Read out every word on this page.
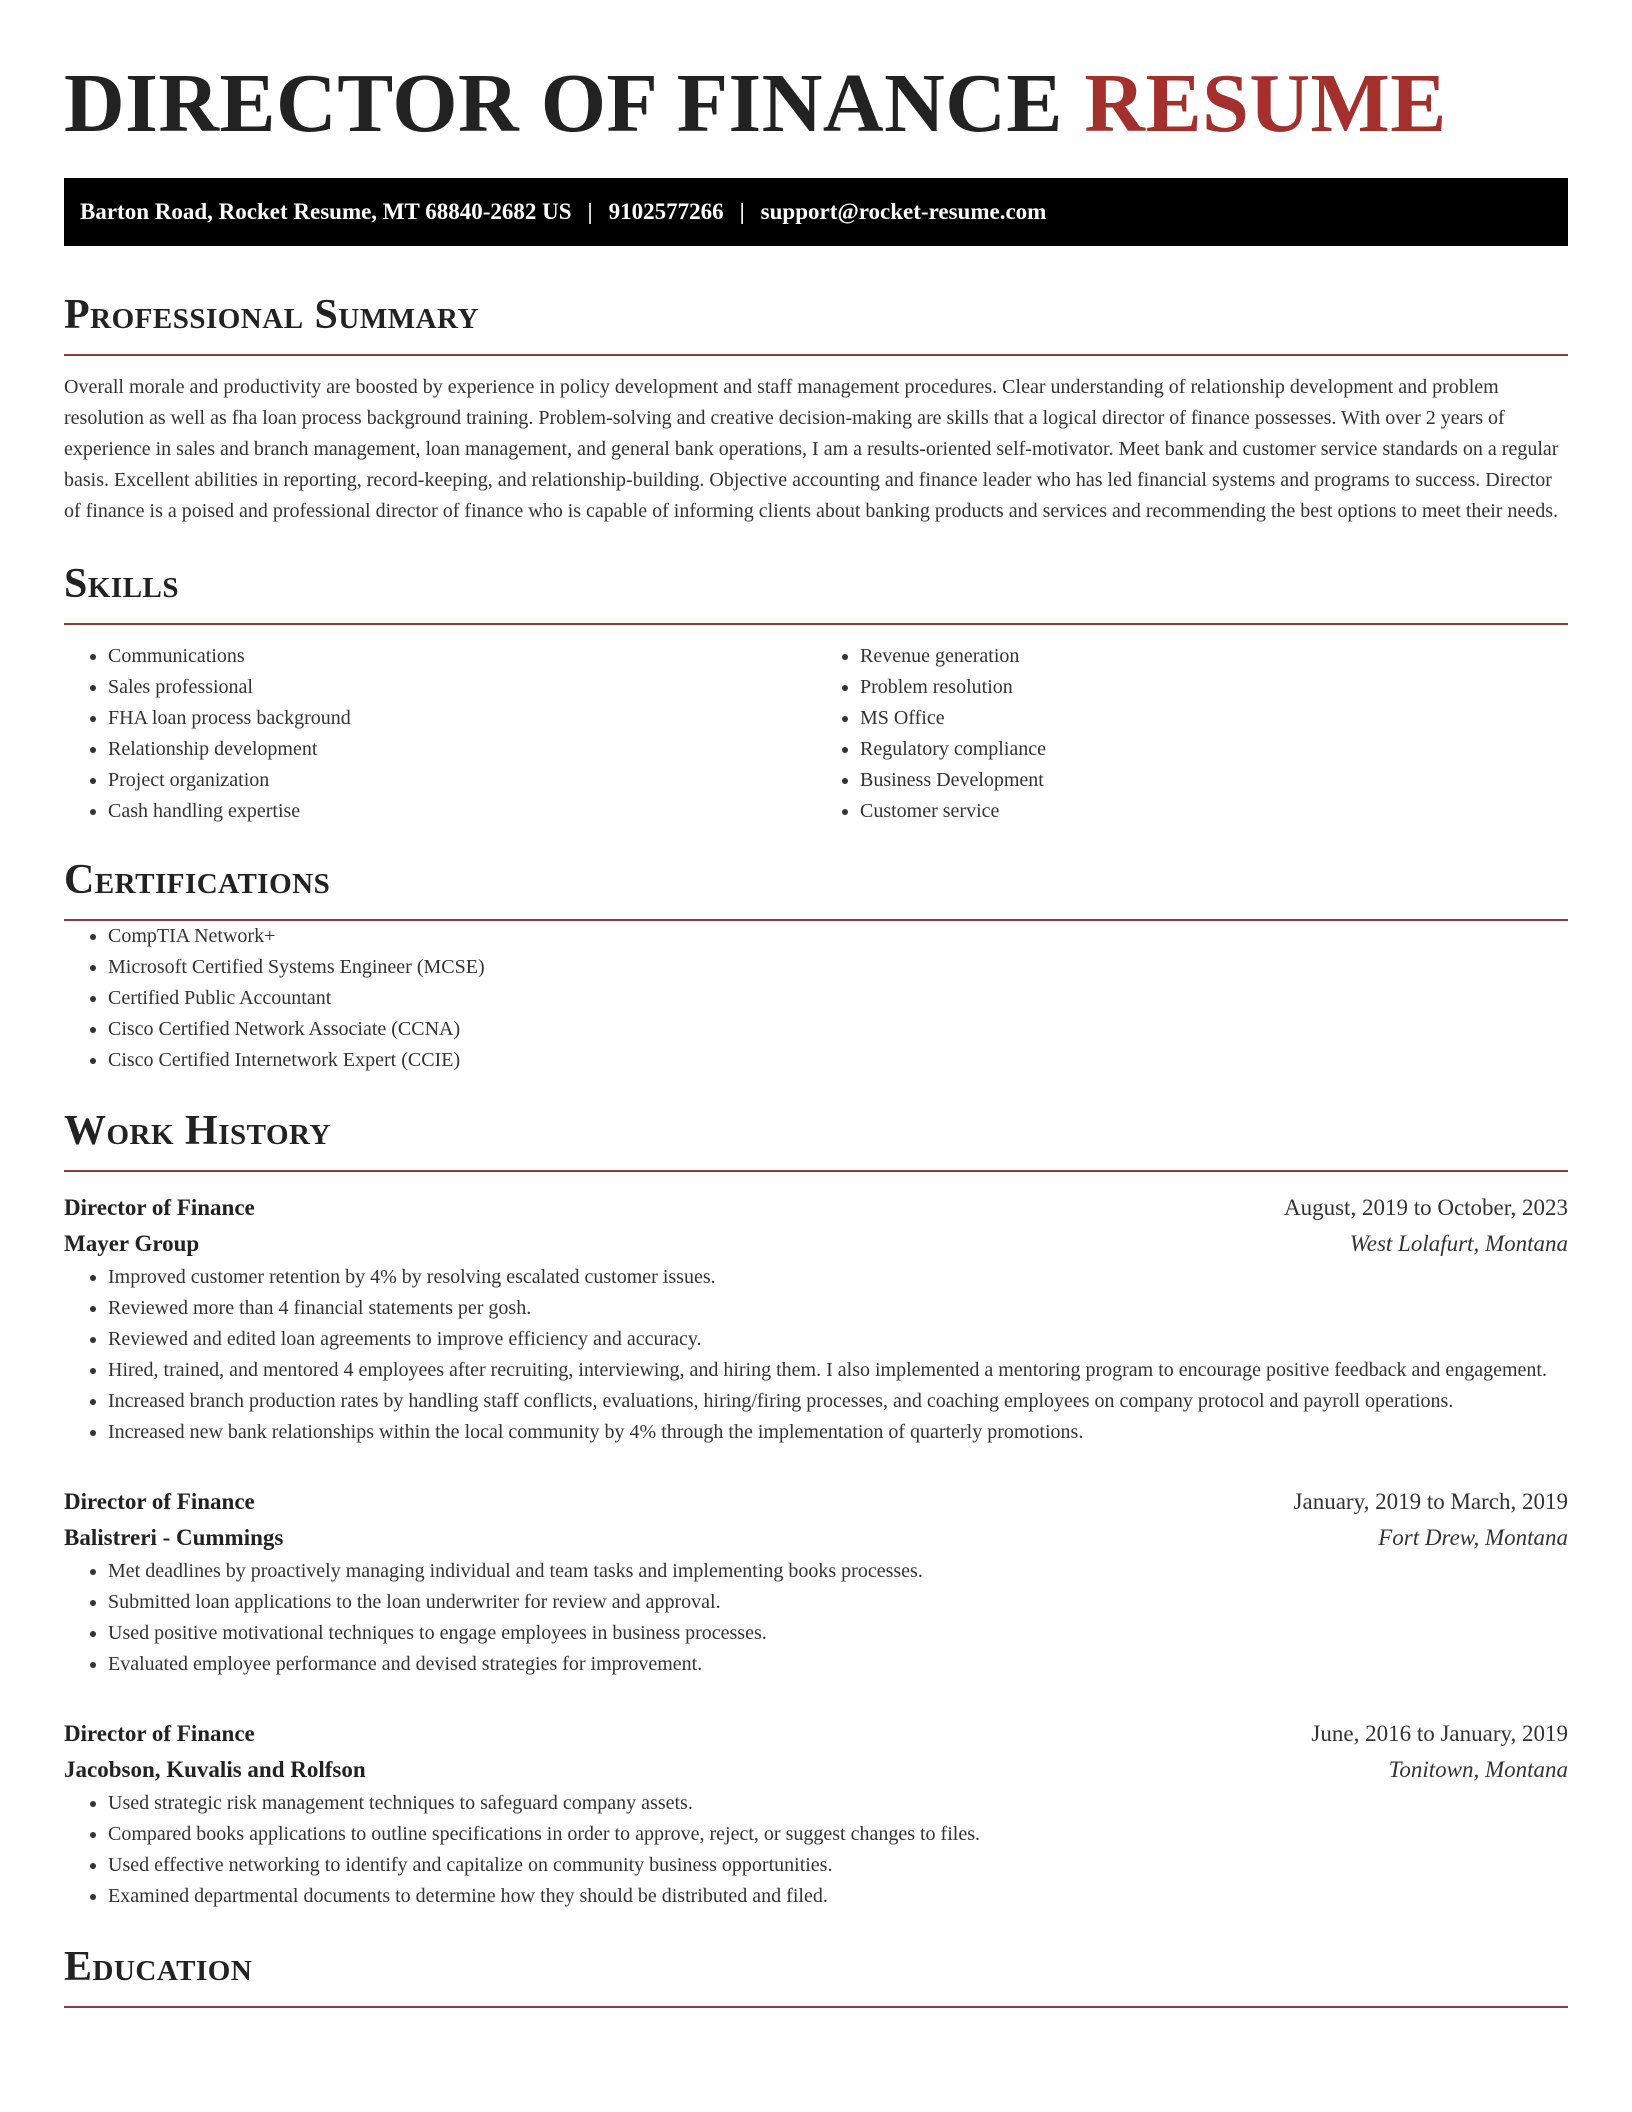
DIRECTOR OF FINANCE RESUME
Barton Road, Rocket Resume, MT 68840-2682 US | 9102577266 | support@rocket-resume.com
Professional Summary

Overall morale and productivity are boosted by experience in policy development and staff management procedures. Clear understanding of relationship development and problem resolution as well as fha loan process background training. Problem-solving and creative decision-making are skills that a logical director of finance possesses. With over 2 years of experience in sales and branch management, loan management, and general bank operations, I am a results-oriented self-motivator. Meet bank and customer service standards on a regular basis. Excellent abilities in reporting, record-keeping, and relationship-building. Objective accounting and finance leader who has led financial systems and programs to success. Director of finance is a poised and professional director of finance who is capable of informing clients about banking products and services and recommending the best options to meet their needs.

Skills
• Communications
• Sales professional
• FHA loan process background
• Relationship development
• Project organization
• Cash handling expertise
• Revenue generation
• Problem resolution
• MS Office
• Regulatory compliance
• Business Development
• Customer service
Certifications
• CompTIA Network+
• Microsoft Certified Systems Engineer (MCSE)
• Certified Public Accountant
• Cisco Certified Network Associate (CCNA)
• Cisco Certified Internetwork Expert (CCIE)
Work History
Director of Finance	August, 2019 to October, 2023
Mayer Group	West Lolafurt, Montana
• Improved customer retention by 4% by resolving escalated customer issues.
• Reviewed more than 4 financial statements per gosh.
• Reviewed and edited loan agreements to improve efficiency and accuracy.
• Hired, trained, and mentored 4 employees after recruiting, interviewing, and hiring them. I also implemented a mentoring program to encourage positive feedback and engagement.
• Increased branch production rates by handling staff conflicts, evaluations, hiring/firing processes, and coaching employees on company protocol and payroll operations.
• Increased new bank relationships within the local community by 4% through the implementation of quarterly promotions.
Director of Finance	January, 2019 to March, 2019
Balistreri - Cummings	Fort Drew, Montana
• Met deadlines by proactively managing individual and team tasks and implementing books processes.
• Submitted loan applications to the loan underwriter for review and approval.
• Used positive motivational techniques to engage employees in business processes.
• Evaluated employee performance and devised strategies for improvement.
Director of Finance	June, 2016 to January, 2019
Jacobson, Kuvalis and Rolfson	Tonitown, Montana
• Used strategic risk management techniques to safeguard company assets.
• Compared books applications to outline specifications in order to approve, reject, or suggest changes to files.
• Used effective networking to identify and capitalize on community business opportunities.
• Examined departmental documents to determine how they should be distributed and filed.
Education
